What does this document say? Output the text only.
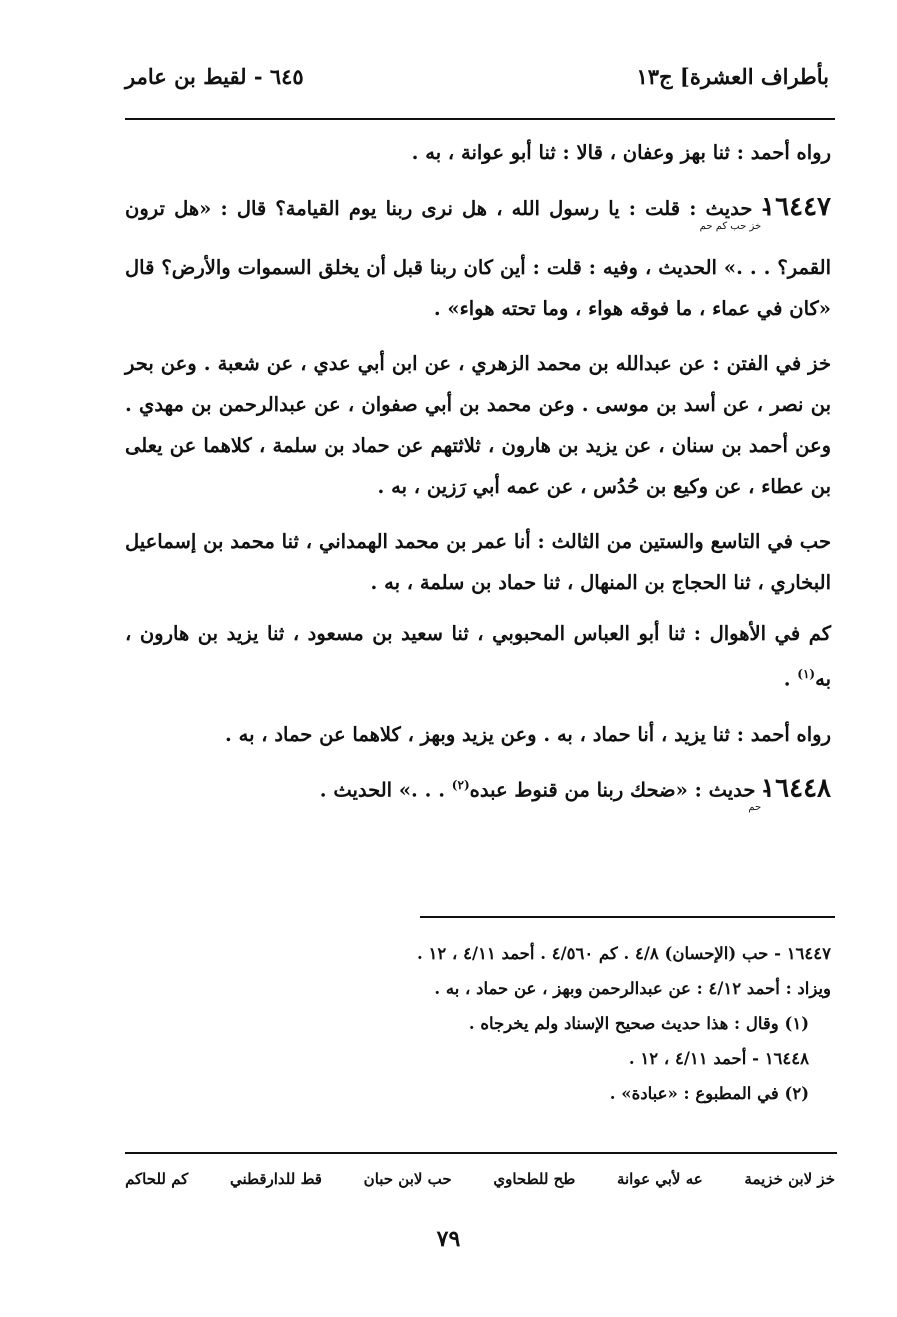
بأطراف العشرة] ج١٣
٦٤٥ - لقيط بن عامر

رواه أحمد : ثنا بهز وعفان ، قالا : ثنا أبو عوانة ، به .

١٦٤٤٧خز حب كم حم- حديث : قلت : يا رسول الله ، هل نرى ربنا يوم القيامة؟ قال : «هل ترون القمر؟ . . .» الحديث ، وفيه : قلت : أين كان ربنا قبل أن يخلق السموات والأرض؟ قال «كان في عماء ، ما فوقه هواء ، وما تحته هواء» .

خز في الفتن : عن عبدالله بن محمد الزهري ، عن ابن أبي عدي ، عن شعبة . وعن بحر بن نصر ، عن أسد بن موسى . وعن محمد بن أبي صفوان ، عن عبدالرحمن بن مهدي . وعن أحمد بن سنان ، عن يزيد بن هارون ، ثلاثتهم عن حماد بن سلمة ، كلاهما عن يعلى بن عطاء ، عن وكيع بن حُدُس ، عن عمه أبي رَزين ، به .

حب في التاسع والستين من الثالث : أنا عمر بن محمد الهمداني ، ثنا محمد بن إسماعيل البخاري ، ثنا الحجاج بن المنهال ، ثنا حماد بن سلمة ، به .

كم في الأهوال : ثنا أبو العباس المحبوبي ، ثنا سعيد بن مسعود ، ثنا يزيد بن هارون ، به$^{(١)}$ .

رواه أحمد : ثنا يزيد ، أنا حماد ، به . وعن يزيد وبهز ، كلاهما عن حماد ، به .

١٦٤٤٨حم- حديث : «ضحك ربنا من قنوط عبده$^{(٢)}$ . . .» الحديث .

١٦٤٤٧ - حب (الإحسان) ٤/٨ . كم ٤/٥٦٠ . أحمد ٤/١١ ، ١٢ .

ويزاد : أحمد ٤/١٢ : عن عبدالرحمن وبهز ، عن حماد ، به .

(١) وقال : هذا حديث صحيح الإسناد ولم يخرجاه .

١٦٤٤٨ - أحمد ٤/١١ ، ١٢ .

(٢) في المطبوع : «عبادة» .

خز لابن خزيمة
عه لأبي عوانة
طح للطحاوي
حب لابن حبان
قط للدارقطني
كم للحاكم
٧٩
